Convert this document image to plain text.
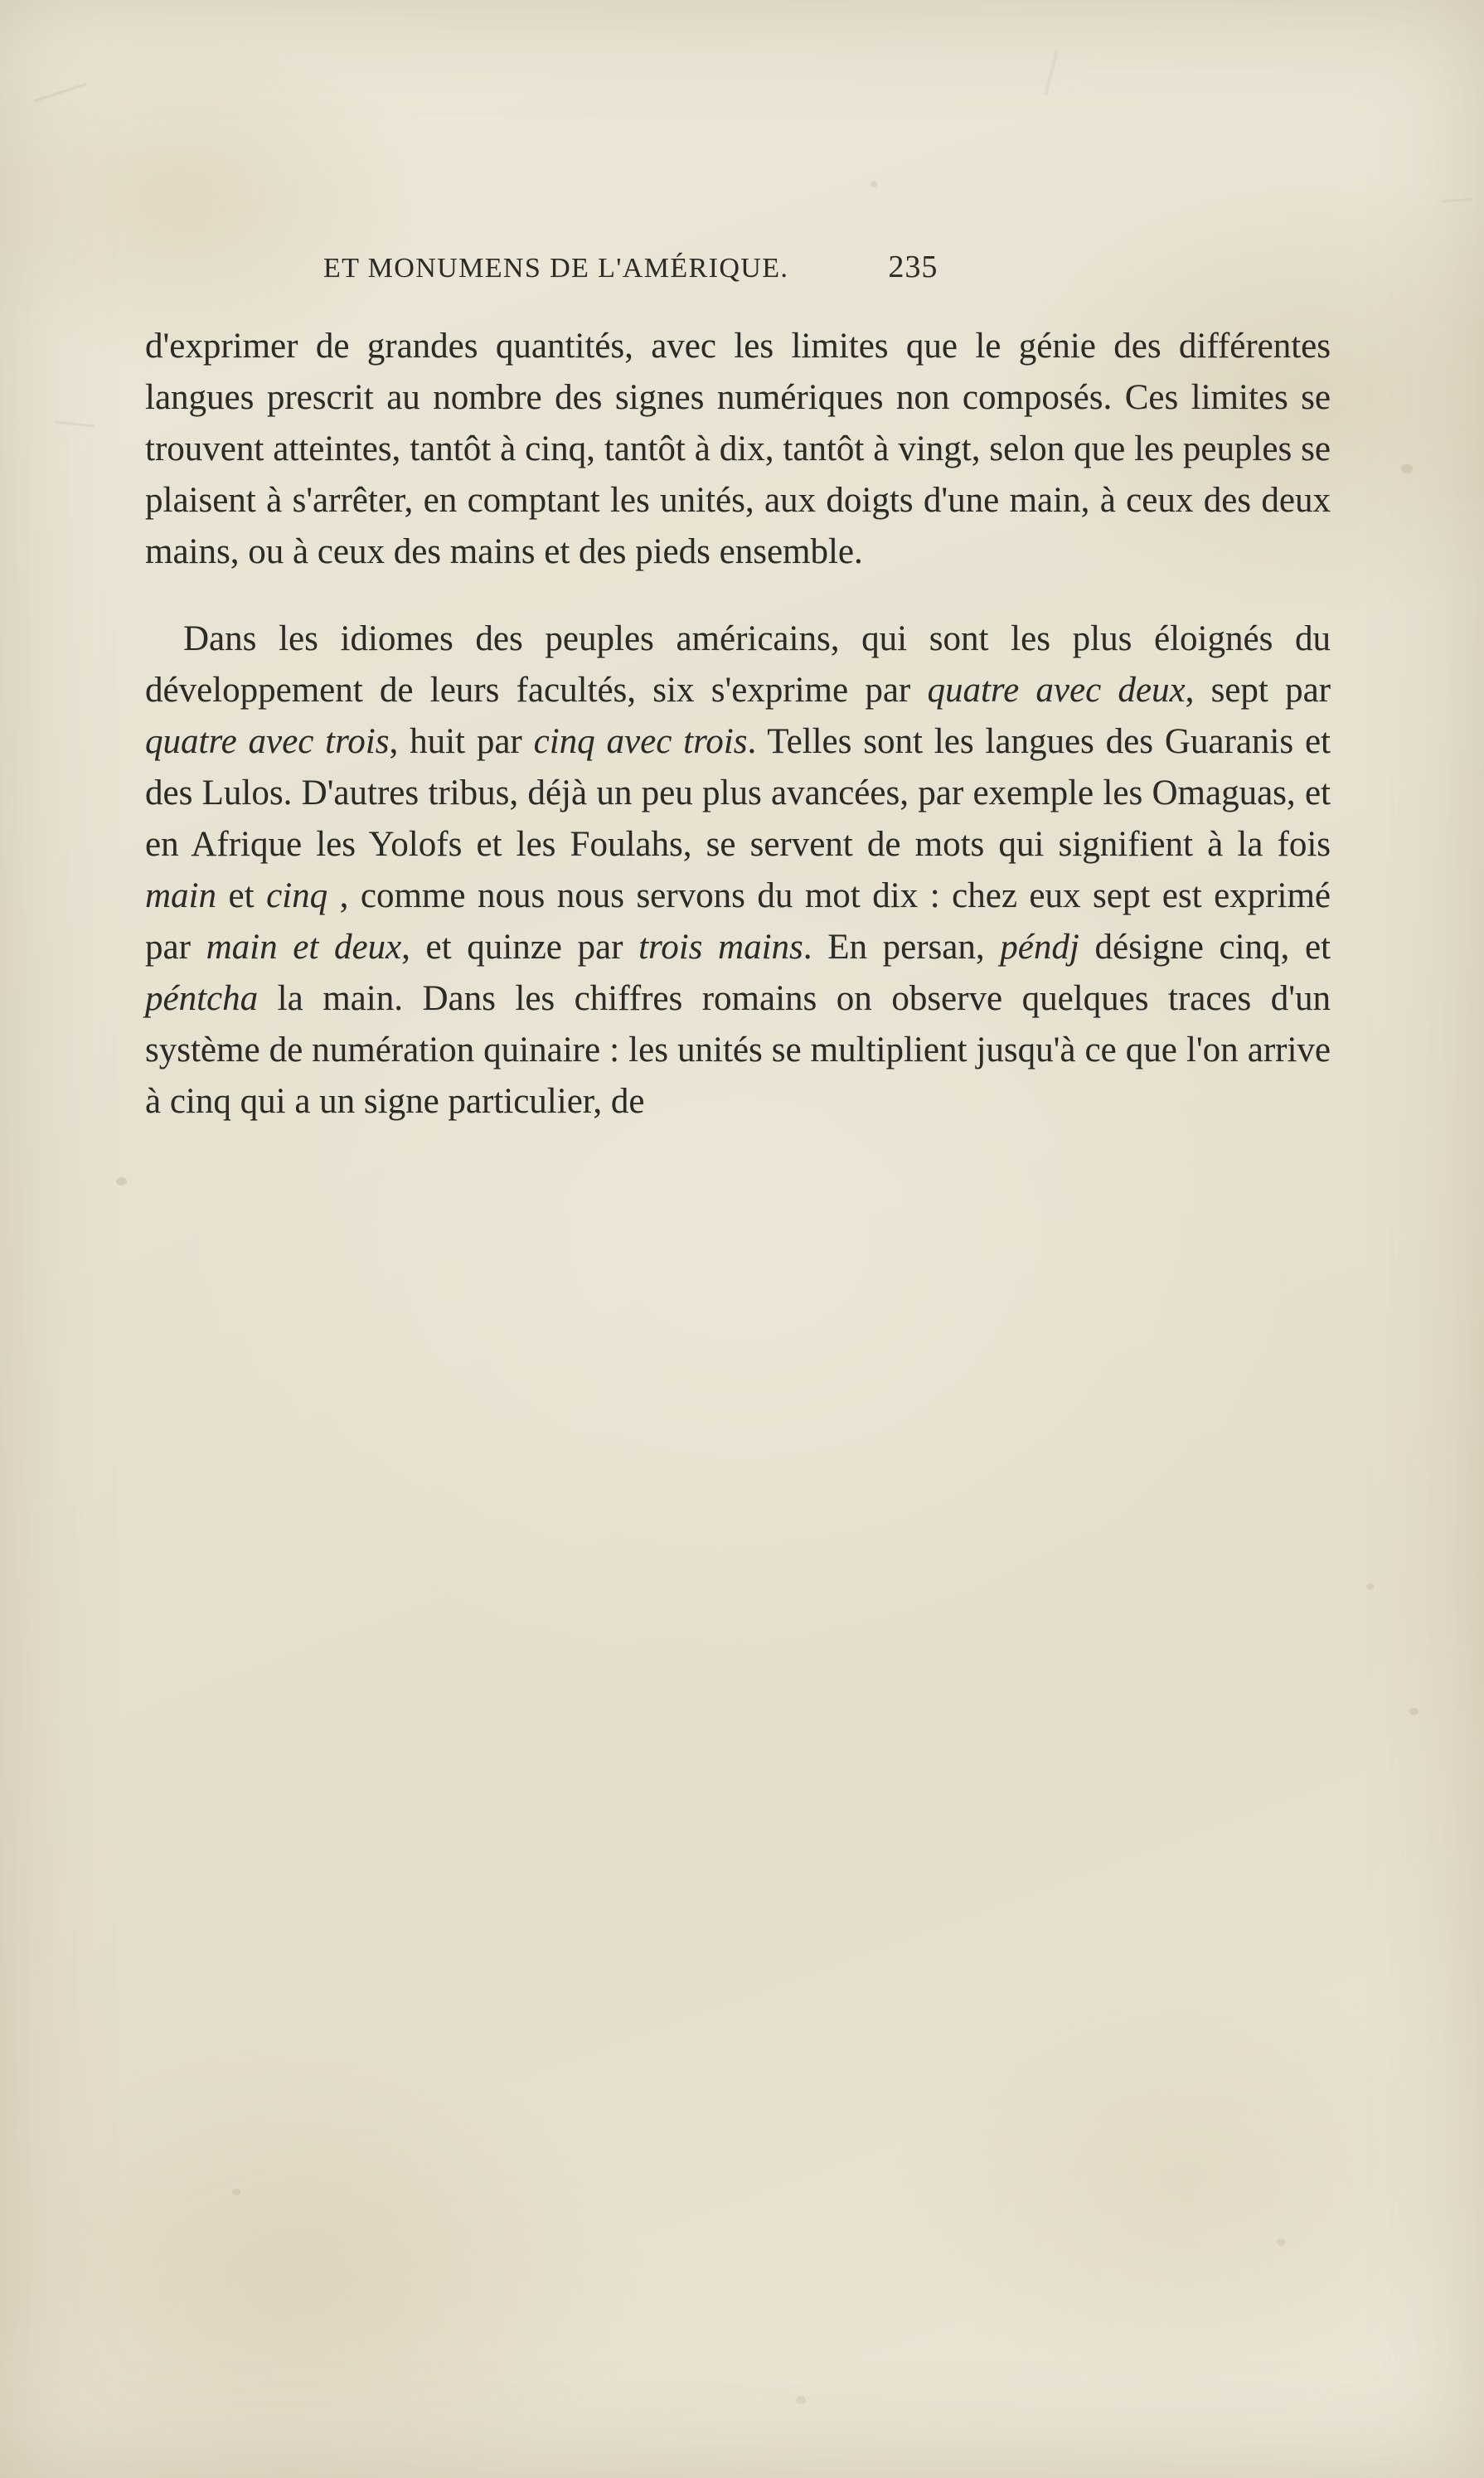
ET MONUMENS DE L'AMÉRIQUE.	235

d'exprimer de grandes quantités, avec les limites que le génie des différentes langues prescrit au nombre des signes numériques non composés. Ces limites se trouvent atteintes, tantôt à cinq, tantôt à dix, tantôt à vingt, selon que les peuples se plaisent à s'arrêter, en comptant les unités, aux doigts d'une main, à ceux des deux mains, ou à ceux des mains et des pieds ensemble.

Dans les idiomes des peuples américains, qui sont les plus éloignés du développement de leurs facultés, six s'exprime par quatre avec deux, sept par quatre avec trois, huit par cinq avec trois. Telles sont les langues des Guaranis et des Lulos. D'autres tribus, déjà un peu plus avancées, par exemple les Omaguas, et en Afrique les Yolofs et les Foulahs, se servent de mots qui signifient à la fois main et cinq , comme nous nous servons du mot dix : chez eux sept est exprimé par main et deux, et quinze par trois mains. En persan, péndj désigne cinq, et péntcha la main. Dans les chiffres romains on observe quelques traces d'un système de numération quinaire : les unités se multiplient jusqu'à ce que l'on arrive à cinq qui a un signe particulier, de
